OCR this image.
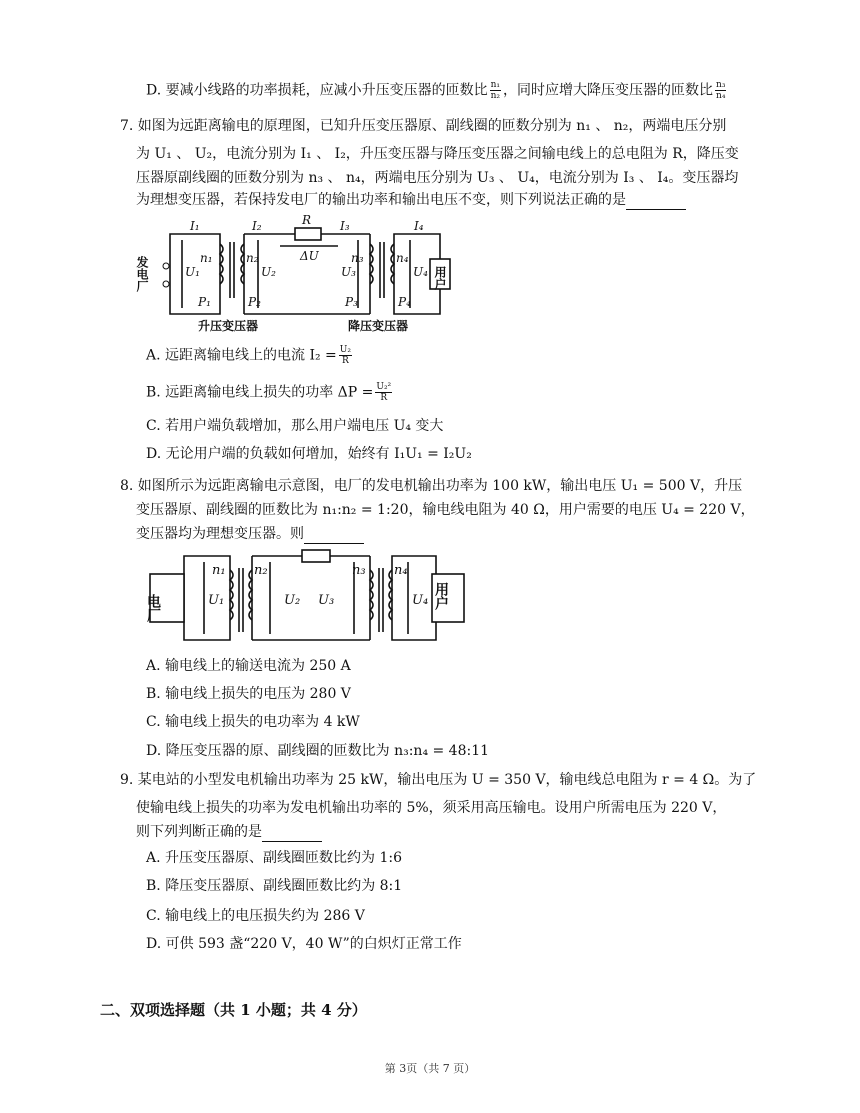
D. 要减小线路的功率损耗，应减小升压变压器的匝数比 $\frac{\text{n₁}}{\text{n₂}}$ ，同时应增大降压变压器的匝数比 $\frac{\text{n₃}}{\text{n₄}}$
7. 如图为远距离输电的原理图，已知升压变压器原、副线圈的匝数分别为 n₁ 、 n₂，两端电压分别
为 U₁ 、 U₂，电流分别为 I₁ 、 I₂，升压变压器与降压变压器之间输电线上的总电阻为 R，降压变
压器原副线圈的匝数分别为 n₃ 、 n₄，两端电压分别为 U₃ 、 U₄，电流分别为 I₃ 、 I₄。变压器均
为理想变压器，若保持发电厂的输出功率和输出电压不变，则下列说法正确的是
I₁	I₂	I₃	I₄
R
ΔU
U₁	U₂	U₃	U₄
n₁	n₂	n₃	n₄
P₁	P₂	P₃	P₄
发电厂	用户
升压变压器	降压变压器
A. 远距离输电线上的电流 $I_2 = \frac{\text{U₂}}{R}$
B. 远距离输电线上损失的功率 $\Delta P = \frac{\text{U₂²}}{R}$
C. 若用户端负载增加，那么用户端电压 U₄ 变大
D. 无论用户端的负载如何增加，始终有 I₁U₁ = I₂U₂
8. 如图所示为远距离输电示意图，电厂的发电机输出功率为 100 kW，输出电压 U₁ = 500 V，升压
变压器原、副线圈的匝数比为 n₁:n₂ = 1:20，输电线电阻为 40 Ω，用户需要的电压 U₄ = 220 V，
变压器均为理想变压器。则
电厂	用户
U₁	U₂ U₃	U₄
n₁ n₂	n₃ n₄
A. 输电线上的输送电流为 250 A
B. 输电线上损失的电压为 280 V
C. 输电线上损失的电功率为 4 kW
D. 降压变压器的原、副线圈的匝数比为 n₃:n₄ = 48:11
9. 某电站的小型发电机输出功率为 25 kW，输出电压为 U = 350 V，输电线总电阻为 r = 4 Ω。为了
使输电线上损失的功率为发电机输出功率的 5%，须采用高压输电。设用户所需电压为 220 V，
则下列判断正确的是
A. 升压变压器原、副线圈匝数比约为 1:6
B. 降压变压器原、副线圈匝数比约为 8:1
C. 输电线上的电压损失约为 286 V
D. 可供 593 盏“220 V，40 W”的白炽灯正常工作
二、双项选择题（共 1 小题；共 4 分）
第 3页（共 7 页）
